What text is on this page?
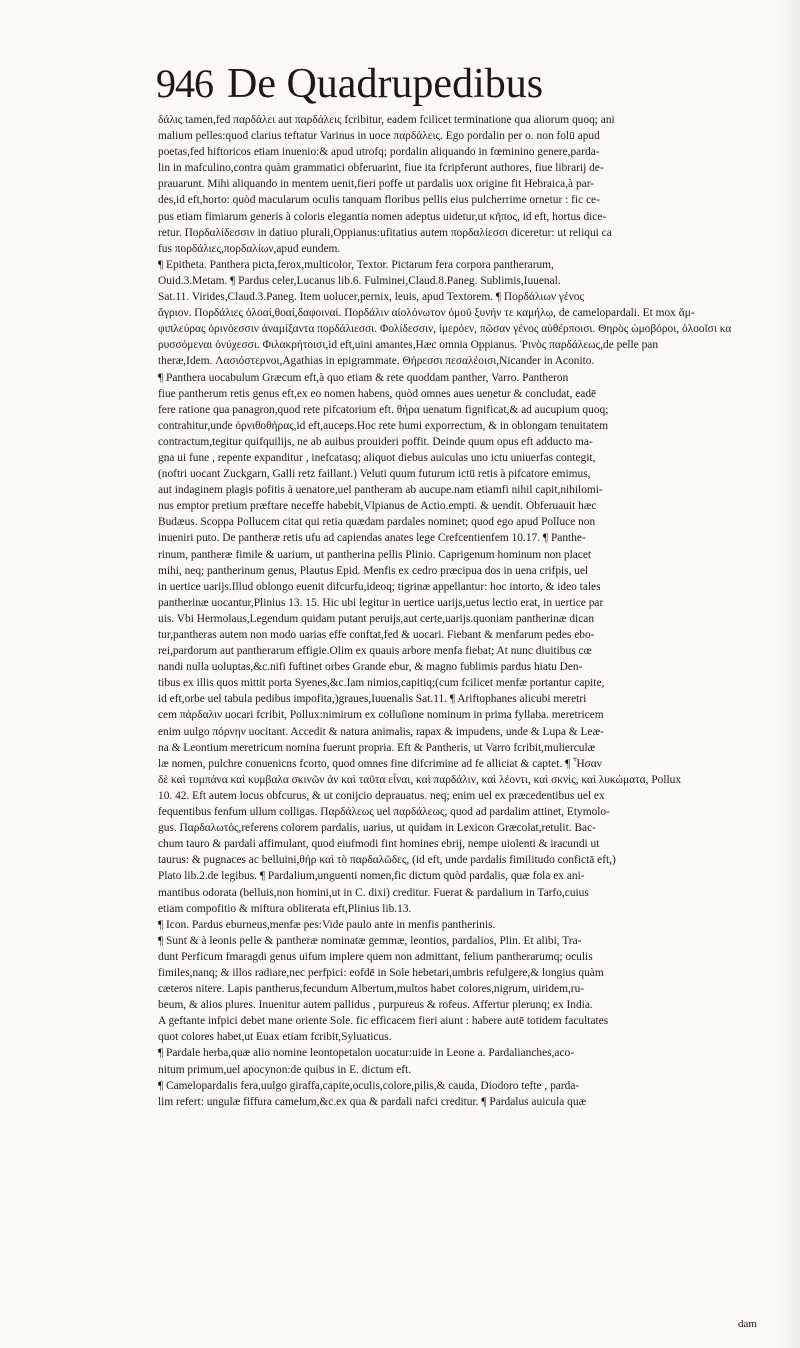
946 De Quadrupedibus
δάλις tamen,fed παρδάλει aut παρδάλεις fcribitur, eadem fcilicet terminatione qua aliorum quoq; ani
malium pelles:quod clarius teftatur Varinus in uoce παρδάλεις. Ego pordalin per o. non folū apud
poetas,fed hiftoricos etiam inuenio:& apud utrofq; pordalin aliquando in fœminino genere,parda-
lin in mafculino,contra quàm grammatici obferuarint, fiue ita fcripferunt authores, fiue librarij de-
prauarunt. Mihi aliquando in mentem uenit,fieri poffe ut pardalis uox origine fit Hebraica,à par-
des,id eft,horto: quòd macularum oculis tanquam floribus pellis eius pulcherrime ornetur : fic ce-
pus etiam fimiarum generis à coloris elegantia nomen adeptus uidetur,ut κῆπος, id eft, hortus dice-
retur. Πορδαλίδεσσιν in datiuo plurali,Oppianus:ufitatius autem πορδαλίεσσι diceretur: ut reliqui ca
fus πορδάλιες,πορδαλίων,apud eundem.
¶ Epitheta. Panthera picta,ferox,multicolor, Textor. Pictarum fera corpora pantherarum,
Ouid.3.Metam. ¶ Pardus celer,Lucanus lib.6. Fulminei,Claud.8.Paneg. Sublimis,Iuuenal.
Sat.11. Virides,Claud.3.Paneg. Item uolucer,pernix, leuis, apud Textorem. ¶ Πορδάλιων γένος
ἄγριον. Πορδάλιες ὀλοαί,θοαί,δαφοιναί. Πορδάλιν αἰολόνωτον ὁμοῦ ξυνήν τε καμήλῳ, de camelopardali. Et mox ἄμ-
φιπλεύρας ὀρινόεσσιν ἀναμίξαντα πορδάλιεσσι. Φολίδεσσιν, ἱμερόεν, πῶσαν γένος αὐθέρποισι. Θηρὸς ὠμοβόροι, ὀλοοῖσι κα
ρυσσόμεναι ὀνύχεσσι. Φιλακρήτοισι,id eft,uini amantes,Hæc omnia Oppianus. Ῥινὸς παρδάλεως,de pelle pan
theræ,Idem. Λασιόστερνοι,Agathias in epigrammate. Θήρεσσι πεσαλέοισι,Nicander in Aconito.
¶ Panthera uocabulum Græcum eft,à quo etiam & rete quoddam panther, Varro. Pantheron
fiue pantherum retis genus eft,ex eo nomen habens, quòd omnes aues uenetur & concludat, eadē
fere ratione qua panagron,quod rete pifcatorium eft. θήρα uenatum fignificat,& ad aucupium quoq;
contrahitur,unde ὀρνιθοθήρας,id eft,auceps.Hoc rete humi exporrectum, & in oblongam tenuitatem
contractum,tegitur quifquilijs, ne ab auibus prouideri poffit. Deinde quum opus eft adducto ma-
gna ui fune , repente expanditur , inefcatasq; aliquot diebus auiculas uno ictu uniuerfas contegit,
(noftri uocant Zuckgarn, Galli retz faillant.) Veluti quum futurum ictū retis à pifcatore emimus,
aut indaginem plagis pofitis à uenatore,uel pantheram ab aucupe.nam etiamfi nihil capit,nihilomi-
nus emptor pretium præftare neceffe habebit,Vlpianus de Actio.empti. & uendit. Obferuauit hæc
Budæus. Scoppa Pollucem citat qui retia quædam pardales nominet; quod ego apud Polluce non
inueniri puto. De pantheræ retis ufu ad capiendas anates lege Crefcentienfem 10.17. ¶ Panthe-
rinum, pantheræ fimile & uarium, ut pantherina pellis Plinio. Caprigenum hominum non placet
mihi, neq; pantherinum genus, Plautus Epid. Menfis ex cedro præcipua dos in uena crifpis, uel
in uertice uarijs.Illud oblongo euenit difcurfu,ideoq; tigrinæ appellantur: hoc intorto, & ideo tales
pantherinæ uocantur,Plinius 13. 15. Hic ubi legitur in uertice uarijs,uetus lectio erat, in uertice par
uis. Vbi Hermolaus,Legendum quidam putant peruijs,aut certe,uarijs.quoniam pantherinæ dican
tur,pantheras autem non modo uarias effe conftat,fed & uocari. Fiebant & menfarum pedes ebo-
rei,pardorum aut pantherarum effigie.Olim ex quauis arbore menfa fiebat; At nunc diuitibus cœ
nandi nulla uoluptas,&c.nifi fuftinet orbes Grande ebur, & magno fublimis pardus hiatu Den-
tibus ex illis quos mittit porta Syenes,&c.Iam nimios,capitiq;(cum fcilicet menfæ portantur capite,
id eft,orbe uel tabula pedibus impofita,)graues,Iuuenalis Sat.11. ¶ Ariftophanes alicubi meretri
cem πάρδαλιν uocari fcribit, Pollux:nimirum ex colluſione nominum in prima fyllaba. meretricem
enim uulgo πόρνην uocitant. Accedit & natura animalis, rapax & impudens, unde & Lupa & Leæ-
na & Leontium meretricum nomina fuerunt propria. Eft & Pantheris, ut Varro fcribit,mulierculæ
læ nomen, pulchre conuenicns fcorto, quod omnes fine difcrimine ad fe alliciat & captet. ¶ Ἦσαν
δὲ καὶ τυμπάνα καὶ κυμβαλα σκινῶν ἀν καὶ ταῦτα εἶναι, καὶ παρδάλιν, καὶ λέοντι, καὶ σκνὶς, καὶ λυκώματα, Pollux
10. 42. Eft autem locus obfcurus, & ut conijcio deprauatus. neq; enim uel ex præcedentibus uel ex
fequentibus fenfum ullum colligas. Παρδάλεως uel παρδάλεως, quod ad pardalim attinet, Etymolo-
gus. Παρδαλωτός,referens colorem pardalis, uarius, ut quidam in Lexicon Græcolat,retulit. Bac-
chum tauro & pardali affimulant, quod eiufmodi fint homines ebrij, nempe uiolenti & iracundi ut
taurus: & pugnaces ac belluini,θήρ καὶ τὸ παρδαλῶδες, (id eft, unde pardalis fimilitudo confictā eft,)
Plato lib.2.de legibus. ¶ Pardalium,unguenti nomen,fic dictum quòd pardalis, quæ fola ex ani-
mantibus odorata (belluis,non homini,ut in C. dixi) creditur. Fuerat & pardalium in Tarfo,cuius
etiam compofitio & miftura obliterata eft,Plinius lib.13.
¶ Icon. Pardus eburneus,menfæ pes:Vide paulo ante in menfis pantherinis.
¶ Sunt & à leonis pelle & pantheræ nominatæ gemmæ, leontios, pardalios, Plin. Et alibi, Tra-
dunt Perficum fmaragdi genus uifum implere quem non admittant, felium pantherarumq; oculis
fimiles,nanq; & illos radiare,nec perfpici: eofdē in Sole hebetari,umbris refulgere,& longius quàm
cæteros nitere. Lapis pantherus,fecundum Albertum,multos habet colores,nigrum, uiridem,ru-
beum, & alios plures. Inuenitur autem pallidus , purpureus & rofeus. Affertur plerunq; ex India.
A geftante infpici debet mane oriente Sole. fic efficacem fieri aiunt : habere autē totidem facultates
quot colores habet,ut Euax etiam fcribit,Syluaticus.
¶ Pardale herba,quæ alio nomine leontopetalon uocatur:uide in Leone a. Pardalianches,aco-
nitum primum,uel apocynon:de quibus in E. dictum eft.
¶ Camelopardalis fera,uulgo giraffa,capite,oculis,colore,pilis,& cauda, Diodoro tefte , parda-
lim refert: ungulæ fiffura camelum,&c.ex qua & pardali nafci creditur. ¶ Pardalus auicula quæ
dam
